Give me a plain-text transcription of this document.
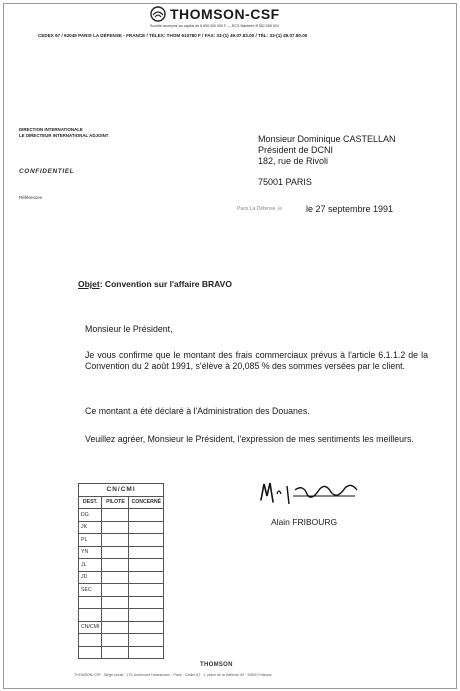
THOMSON-CSF
Société anonyme au capital de 8 850 000 000 F — RCS Nanterre B 552 059 024
CEDEX 67 / 92045 PARIS LA DÉFENSE - FRANCE / TÉLEX: THOM 610780 F / FAX: 33-(1) 49.07.83.00 / TÉL: 33-(1) 49.07.80.00
DIRECTION INTERNATIONALE
LE DIRECTEUR INTERNATIONAL ADJOINT
CONFIDENTIEL
Références
Monsieur Dominique CASTELLAN
Président de DCNI
182, rue de Rivoli
75001 PARIS
Paris La Défense, le	le 27 septembre 1991
Objet: Convention sur l'affaire BRAVO
Monsieur le Président,
Je vous confirme que le montant des frais commerciaux prévus à l'article 6.1.1.2 de la Convention du 2 août 1991, s'élève à 20,085 % des sommes versées par le client.
Ce montant a été déclaré à l'Administration des Douanes.
Veuillez agréer, Monsieur le Président, l'expression de mes sentiments les meilleurs.
Alain FRIBOURG
CN/CMI		
DEST.	PILOTE	CONCERNÉ
DG		
JK		
PL		
YN		
JL		
JD		
SEC		

CN/CMI		

THOMSON
THOMSON-CSF · Siège social : 173, boulevard Haussmann · Paris · Cedex 67 · 1, place de la Défense 92 · 92800 Puteaux
